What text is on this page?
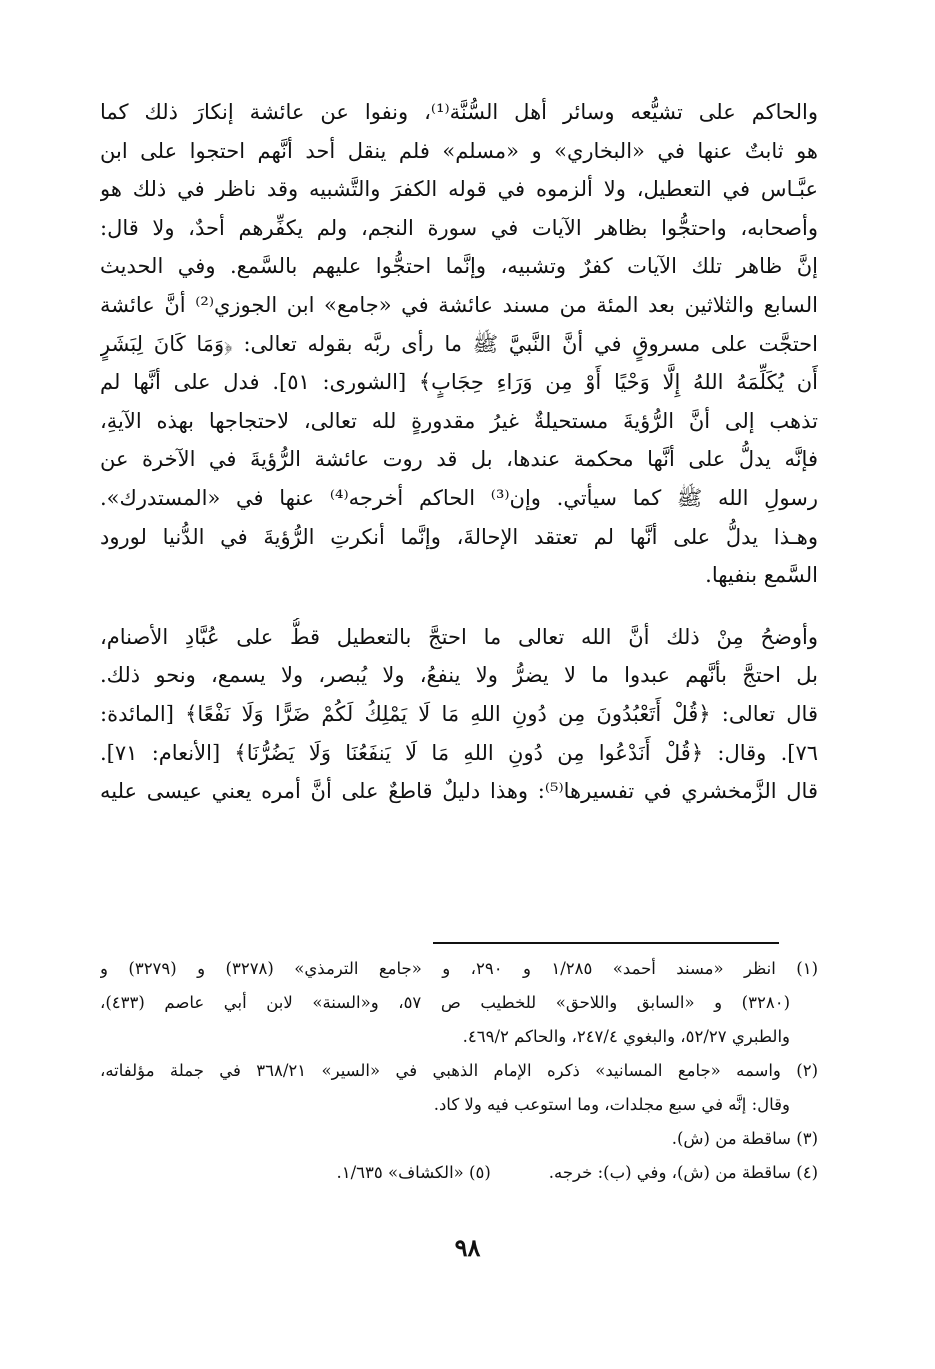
والحاكم على تشيُّعه وسائر أهل السُّنَّة⁽¹⁾، ونفوا عن عائشة إنكارَ ذلك كما
هو ثابتٌ عنها في «البخاري» و «مسلم» فلم ينقل أحد أنَّهم احتجوا على ابن
عبَّـاس في التعطيل، ولا ألزموه في قوله الكفرَ والتَّشبيه وقد ناظر في ذلك هو
وأصحابه، واحتجُّوا بظاهر الآيات في سورة النجم، ولم يكفِّرهم أحدٌ، ولا قال:
إنَّ ظاهر تلك الآيات كفرٌ وتشبيه، وإنَّما احتجُّوا عليهم بالسَّمع. وفي الحديث
السابع والثلاثين بعد المئة من مسند عائشة في «جامع» ابن الجوزي⁽²⁾ أنَّ عائشة
احتجَّت على مسروقٍ في أنَّ النَّبيَّ ﷺ ما رأى ربَّه بقوله تعالى: ﴿وَمَا كَانَ لِبَشَرٍ
أَن يُكَلِّمَهُ اللهُ إِلَّا وَحْيًا أَوْ مِن وَرَاءِ حِجَابٍ﴾ [الشورى: ٥١]. فدل على أنَّها لم
تذهب إلى أنَّ الرُّؤيةَ مستحيلةٌ غيرُ مقدورةٍ لله تعالى، لاحتجاجها بهذه الآيةِ،
فإنَّه يدلُّ على أنَّها محكمة عندها، بل قد روت عائشة الرُّؤيةَ في الآخرة عن
رسولِ الله ﷺ كما سيأتي. وإن⁽³⁾ الحاكم أخرجه⁽⁴⁾ عنها في «المستدرك».
وهـذا يدلُّ على أنَّها لم تعتقد الإحالةَ، وإنَّما أنكرتِ الرُّؤيةَ في الدُّنيا لورود
السَّمع بنفيها.
وأوضحُ مِنْ ذلك أنَّ الله تعالى ما احتجَّ بالتعطيل قطُّ على عُبَّادِ الأصنام،
بل احتجَّ بأنَّهم عبدوا ما لا يضرُّ ولا ينفعُ، ولا يُبصر، ولا يسمع، ونحو ذلك.
قال تعالى: ﴿قُلْ أَتَعْبُدُونَ مِن دُونِ اللهِ مَا لَا يَمْلِكُ لَكُمْ ضَرًّا وَلَا نَفْعًا﴾ [المائدة:
٧٦]. وقال: ﴿قُلْ أَنَدْعُوا مِن دُونِ اللهِ مَا لَا يَنفَعُنَا وَلَا يَضُرُّنَا﴾ [الأنعام: ٧١].
قال الزَّمخشري في تفسيرها⁽⁵⁾: وهذا دليلٌ قاطعٌ على أنَّ أمره يعني عيسى عليه
(١) انظر «مسند أحمد» ١/٢٨٥ و ٢٩٠، و «جامع الترمذي» (٣٢٧٨) و (٣٢٧٩) و
(٣٢٨٠) و «السابق واللاحق» للخطيب ص ٥٧، و«السنة» لابن أبي عاصم (٤٣٣)،
والطبري ٥٢/٢٧، والبغوي ٢٤٧/٤، والحاكم ٤٦٩/٢.
(٢) واسمه «جامع المسانيد» ذكره الإمام الذهبي في «السير» ٣٦٨/٢١ في جملة مؤلفاته،
وقال: إنَّه في سبع مجلدات، وما استوعب فيه ولا كاد.
(٣) ساقطة من (ش).
(٤) ساقطة من (ش)، وفي (ب): خرجه.(٥) «الكشاف» ١/٦٣٥.
٩٨
